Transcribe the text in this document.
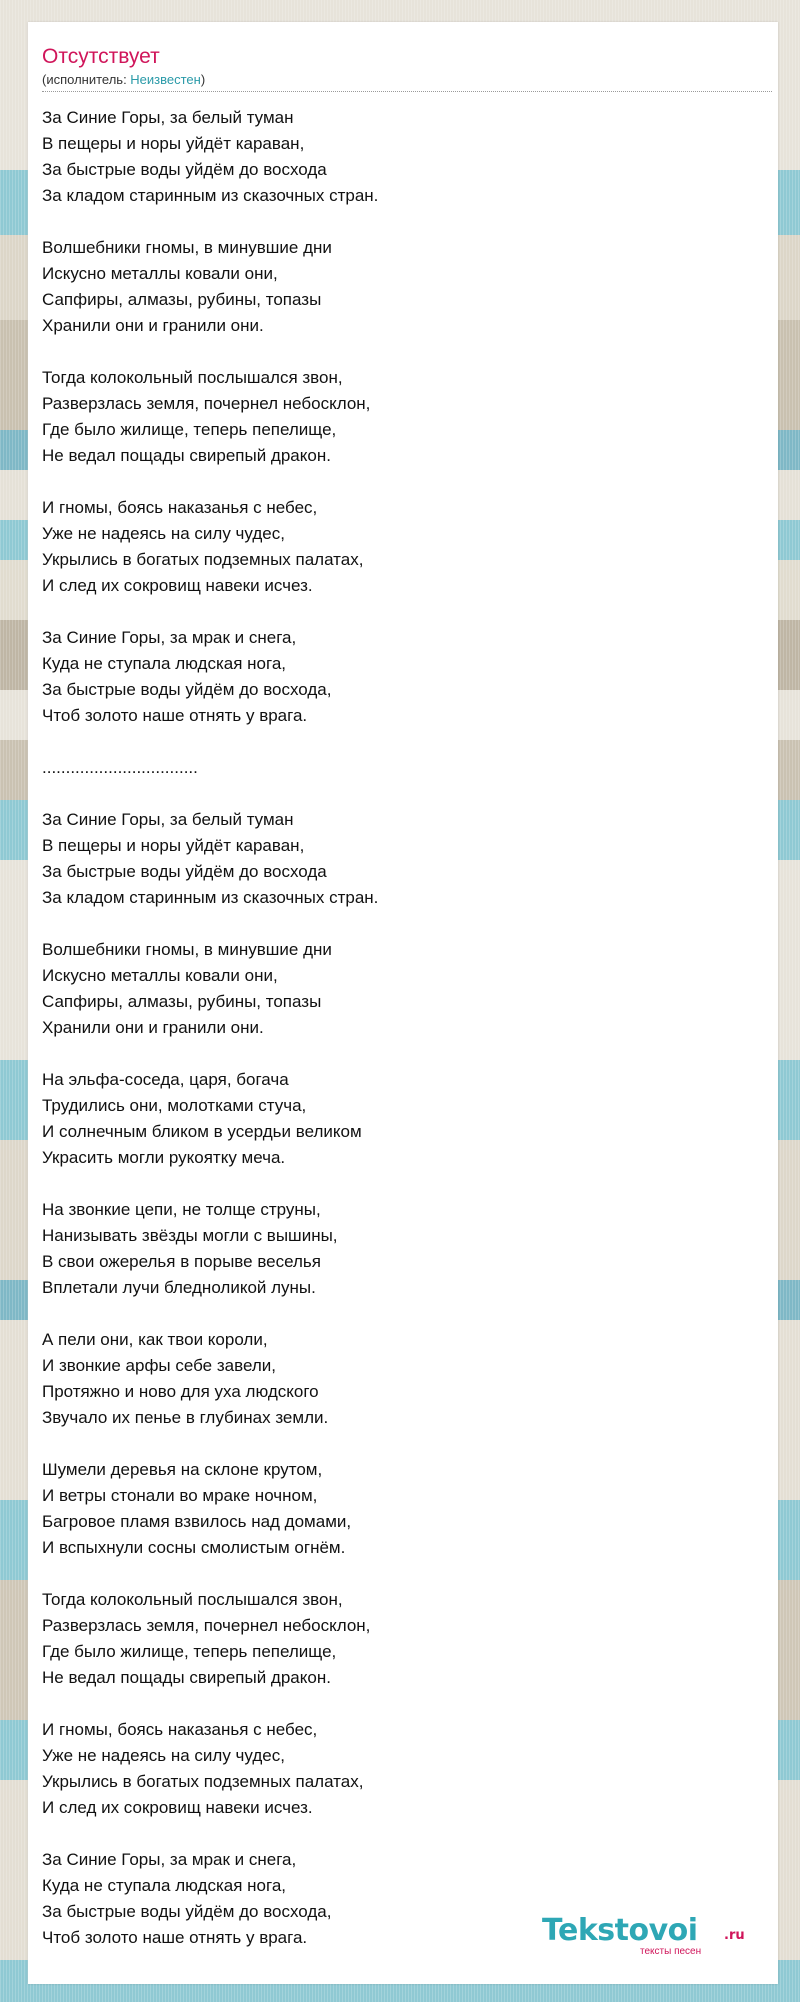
Отсутствует
(исполнитель: Неизвестен)
За Синие Горы, за белый туман
В пещеры и норы уйдёт караван,
За быстрые воды уйдём до восхода
За кладом старинным из сказочных стран.
Волшебники гномы, в минувшие дни
Искусно металлы ковали они,
Сапфиры, алмазы, рубины, топазы
Хранили они и гранили они.
Тогда колокольный послышался звон,
Разверзлась земля, почернел небосклон,
Где было жилище, теперь пепелище,
Не ведал пощады свирепый дракон.
И гномы, боясь наказанья с небес,
Уже не надеясь на силу чудес,
Укрылись в богатых подземных палатах,
И след их сокровищ навеки исчез.
За Синие Горы, за мрак и снега,
Куда не ступала людская нога,
За быстрые воды уйдём до восхода,
Чтоб золото наше отнять у врага.
.................................
За Синие Горы, за белый туман
В пещеры и норы уйдёт караван,
За быстрые воды уйдём до восхода
За кладом старинным из сказочных стран.
Волшебники гномы, в минувшие дни
Искусно металлы ковали они,
Сапфиры, алмазы, рубины, топазы
Хранили они и гранили они.
На эльфа-соседа, царя, богача
Трудились они, молотками стуча,
И солнечным бликом в усердьи великом
Украсить могли рукоятку меча.
На звонкие цепи, не толще струны,
Нанизывать звёзды могли с вышины,
В свои ожерелья в порыве веселья
Вплетали лучи бледноликой луны.
А пели они, как твои короли,
И звонкие арфы себе завели,
Протяжно и ново для уха людского
Звучало их пенье в глубинах земли.
Шумели деревья на склоне крутом,
И ветры стонали во мраке ночном,
Багровое пламя взвилось над домами,
И вспыхнули сосны смолистым огнём.
Тогда колокольный послышался звон,
Разверзлась земля, почернел небосклон,
Где было жилище, теперь пепелище,
Не ведал пощады свирепый дракон.
И гномы, боясь наказанья с небес,
Уже не надеясь на силу чудес,
Укрылись в богатых подземных палатах,
И след их сокровищ навеки исчез.
За Синие Горы, за мрак и снега,
Куда не ступала людская нога,
За быстрые воды уйдём до восхода,
Чтоб золото наше отнять у врага.	Tekstovoi .ru
тексты песен
